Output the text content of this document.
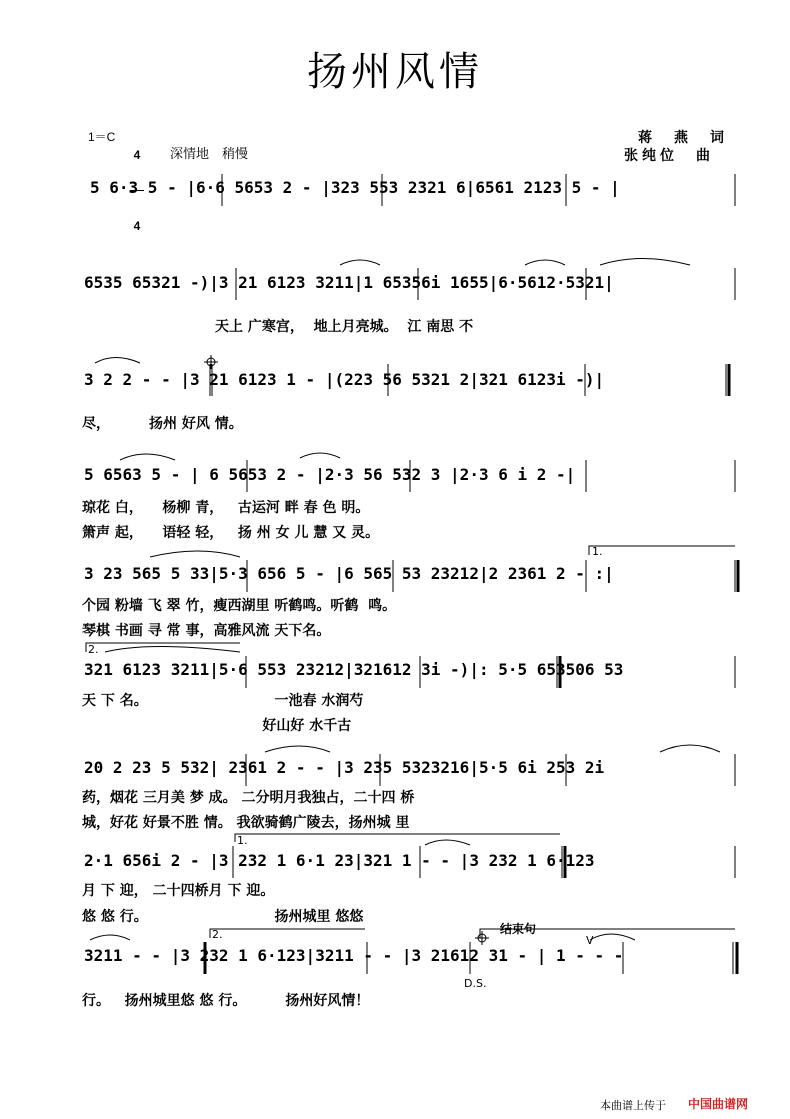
扬州风情
1＝C

4

4

深情地　稍慢
蒋　燕　词
张纯位　曲
5 6·3 5 - |6·6 5653 2 - |323 553 2321 6|6561 2123 5 - |
6535 65321 -)|3 21 6123 3211|1 65356i 1655|6·5612·5321|
天上 广寒宫，  地上月亮城。  江 南思 不
3 2 2 - - |3 21 6123 1 - |(223 56 5321 2|321 6123i -)|
尽，        扬州 好风 情。
5 6563 5 - | 6 5653 2 - |2·3 56 532 3 |2·3 6 i 2 -|
琼花 白，    杨柳 青，   古运河 畔 春 色 明。
箫声 起，    语轻 轻，   扬 州 女 儿 慧 又 灵。
1.
3 23 565 5 33|5·3 656 5 - |6 565 53 23212|2 2361 2 - :|
个园 粉墙 飞 翠 竹，瘦西湖里 听鹤鸣。听鹤  鸣。
琴棋 书画 寻 常 事，高雅风流 天下名。
2.
321 6123 3211|5·6 553 23212|321612 3i -)|: 5·5 653506 53
天 下 名。                          一池春 水润芍
好山好 水千古
20 2 23 5 532| 2361 2 - - |3 235 5323216|5·5 6i 253 2i
药，烟花 三月美 梦 成。 二分明月我独占，二十四 桥
城，好花 好景不胜 情。 我欲骑鹤广陵去，扬州城 里
1.
2·1 656i 2 - |3 232 1 6·1 23|321 1 - - |3 232 1 6·123
月 下 迎， 二十四桥月 下 迎。
悠 悠 行。                          扬州城里 悠悠
2.	结束句
V
3211 - - |3 232 1 6·123|3211 - - |3 21612 31 - | 1 - - -
D.S.
行。   扬州城里悠 悠 行。        扬州好风情！
本曲谱上传于 中国曲谱网
